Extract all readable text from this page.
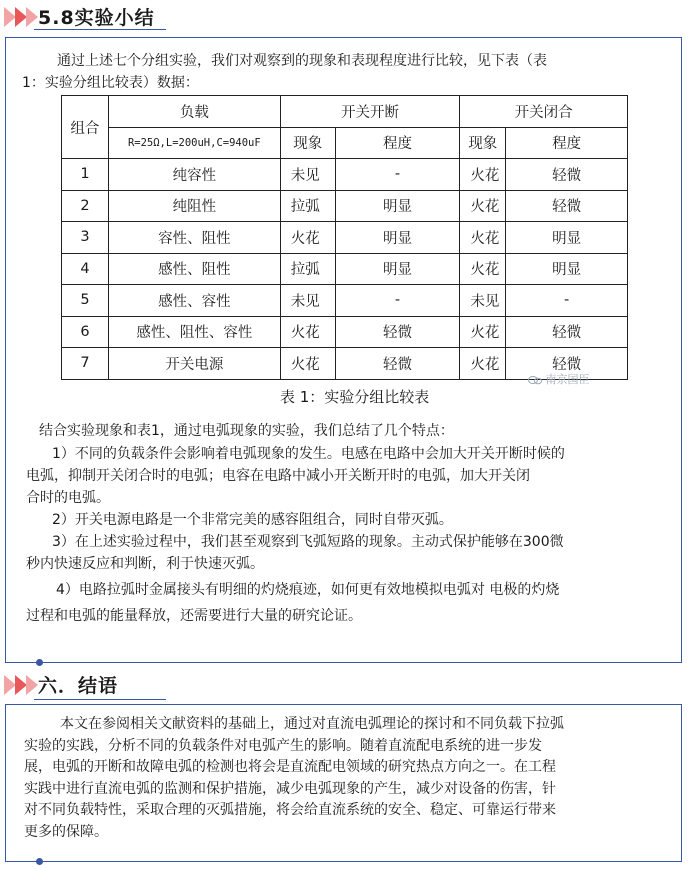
5.8实验小结
通过上述七个分组实验，我们对观察到的现象和表现程度进行比较，见下表（表
1：实验分组比较表）数据：
组合	负载	开关开断		开关闭合	
	R=25Ω,L=200uH,C=940uF	现象	程度	现象	程度
1	纯容性	未见	-	火花	轻微
2	纯阻性	拉弧	明显	火花	轻微
3	容性、阻性	火花	明显	火花	明显
4	感性、阻性	拉弧	明显	火花	明显
5	感性、容性	未见	-	未见	-
6	感性、阻性、容性	火花	轻微	火花	轻微
7	开关电源	火花	轻微	火花	轻微
表 1：实验分组比较表
南京国臣
结合实验现象和表1，通过电弧现象的实验，我们总结了几个特点：
1）不同的负载条件会影响着电弧现象的发生。电感在电路中会加大开关开断时候的
电弧，抑制开关闭合时的电弧；电容在电路中减小开关断开时的电弧，加大开关闭
合时的电弧。
2）开关电源电路是一个非常完美的感容阻组合，同时自带灭弧。
3）在上述实验过程中，我们甚至观察到飞弧短路的现象。主动式保护能够在300微
秒内快速反应和判断，利于快速灭弧。
4）电路拉弧时金属接头有明细的灼烧痕迹，如何更有效地模拟电弧对 电极的灼烧
过程和电弧的能量释放，还需要进行大量的研究论证。
六．结语
本文在参阅相关文献资料的基础上，通过对直流电弧理论的探讨和不同负载下拉弧
实验的实践，分析不同的负载条件对电弧产生的影响。随着直流配电系统的进一步发
展，电弧的开断和故障电弧的检测也将会是直流配电领域的研究热点方向之一。在工程
实践中进行直流电弧的监测和保护措施，减少电弧现象的产生，减少对设备的伤害，针
对不同负载特性，采取合理的灭弧措施，将会给直流系统的安全、稳定、可靠运行带来
更多的保障。
